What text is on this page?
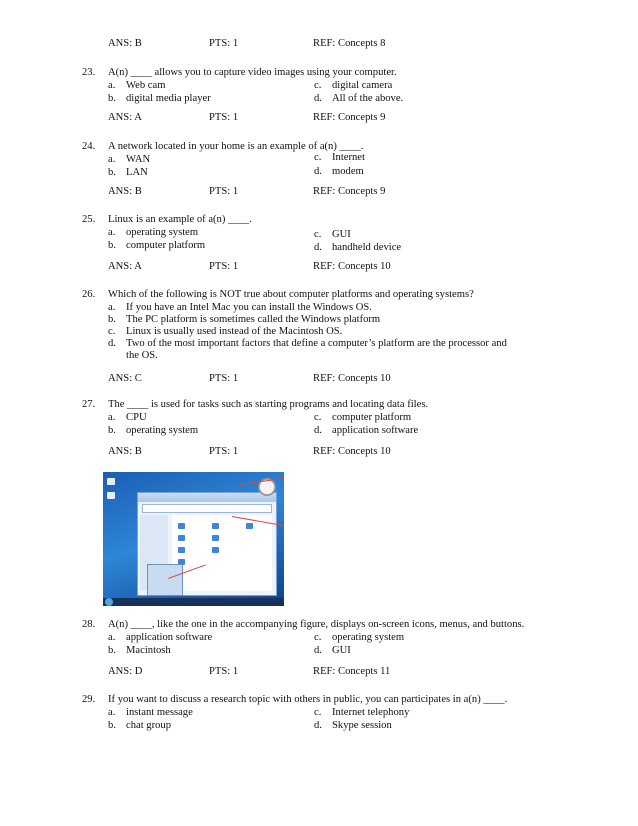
ANS: B	PTS: 1	REF: Concepts 8
23. A(n) ____ allows you to capture video images using your computer.
a. Web cam	c. digital camera
b. digital media player	d. All of the above.
ANS: A	PTS: 1	REF: Concepts 9
24. A network located in your home is an example of a(n) ____.
a. WAN	c. Internet
b. LAN	d. modem
ANS: B	PTS: 1	REF: Concepts 9
25. Linux is an example of a(n) ____.
a. operating system	c. GUI
b. computer platform	d. handheld device
ANS: A	PTS: 1	REF: Concepts 10
26. Which of the following is NOT true about computer platforms and operating systems?
a. If you have an Intel Mac you can install the Windows OS.
b. The PC platform is sometimes called the Windows platform
c. Linux is usually used instead of the Macintosh OS.
d. Two of the most important factors that define a computer’s platform are the processor and
the OS.
ANS: C	PTS: 1	REF: Concepts 10
27. The ____ is used for tasks such as starting programs and locating data files.
a. CPU	c. computer platform
b. operating system	d. application software
ANS: B	PTS: 1	REF: Concepts 10
28. A(n) ____, like the one in the accompanying figure, displays on-screen icons, menus, and buttons.
a. application software	c. operating system
b. Macintosh	d. GUI
ANS: D	PTS: 1	REF: Concepts 11
29. If you want to discuss a research topic with others in public, you can participates in a(n) ____.
a. instant message	c. Internet telephony
b. chat group	d. Skype session
